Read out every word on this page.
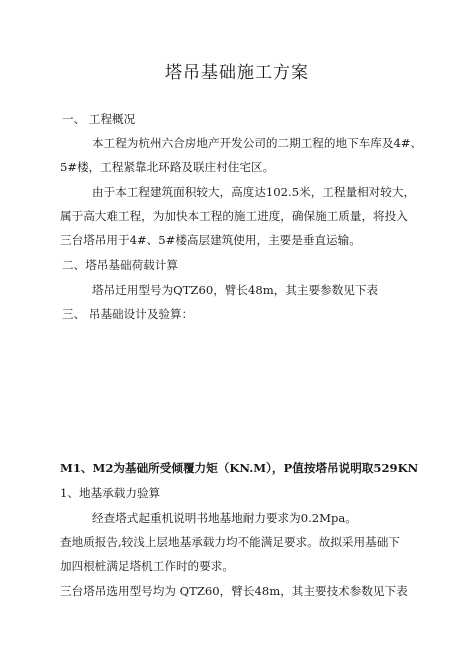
塔吊基础施工方案
一、 工程概况
本工程为杭州六合房地产开发公司的二期工程的地下车库及4#、
5#楼，工程紧靠北环路及联庄村住宅区。
由于本工程建筑面积较大，高度达102.5米，工程量相对较大，
属于高大难工程，为加快本工程的施工进度，确保施工质量，将投入
三台塔吊用于4#、5#楼高层建筑使用，主要是垂直运输。
二、塔吊基础荷载计算
塔吊迁用型号为QTZ60，臂长48m，其主要参数见下表
三、 吊基础设计及验算：
M1、M2为基础所受倾覆力矩（KN.M），P值按塔吊说明取529KN
1、地基承载力验算
经查塔式起重机说明书地基地耐力要求为0.2Mpa。
查地质报告,较浅上层地基承载力均不能满足要求。故拟采用基础下
加四根桩满足塔机工作时的要求。
三台塔吊选用型号均为 QTZ60，臂长48m，其主要技术参数见下表
